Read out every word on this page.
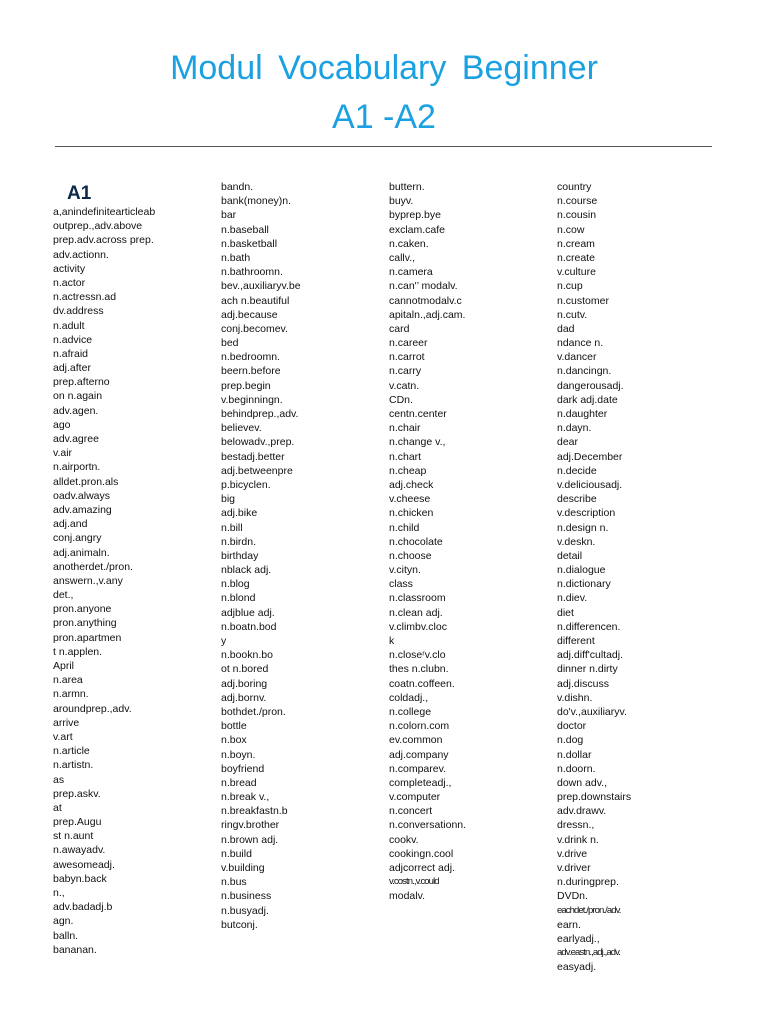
Modul Vocabulary Beginner
A1 -A2
A1
a,anindefinitearticleab
outprep.,adv.above
prep.adv.across prep.
adv.actionn.
activity
n.actor
n.actressn.ad
dv.address
n.adult
n.advice
n.afraid
adj.after
prep.afterno
on n.again
adv.agen.
ago
adv.agree
v.air
n.airportn.
alldet.pron.als
oadv.always
adv.amazing
adj.and
conj.angry
adj.animaln.
anotherdet./pron.
answern.,v.any
det.,
pron.anyone
pron.anything
pron.apartmen
t n.applen.
April
n.area
n.armn.
aroundprep.,adv.
arrive
v.art
n.article
n.artistn.
as
prep.askv.
at
prep.Augu
st n.aunt
n.awayadv.
awesomeadj.
babyn.back
n.,
adv.badadj.b
agn.
balln.
bananan.
bandn.
bank(money)n.
bar
n.baseball
n.basketball
n.bath
n.bathroomn.
bev.,auxiliaryv.be
ach n.beautiful
adj.because
conj.becomev.
bed
n.bedroomn.
beern.before
prep.begin
v.beginningn.
behindprep.,adv.
believev.
belowadv.,prep.
bestadj.better
adj.betweenpre
p.bicyclen.
big
adj.bike
n.bill
n.birdn.
birthday
nblack adj.
n.blog
n.blond
adjblue adj.
n.boatn.bod
y
n.bookn.bo
ot n.bored
adj.boring
adj.bornv.
bothdet./pron.
bottle
n.box
n.boyn.
boyfriend
n.bread
n.break v.,
n.breakfastn.b
ringv.brother
n.brown adj.
n.build
v.building
n.bus
n.business
n.busyadj.
butconj.
buttern.
buyv.
byprep.bye
exclam.cafe
n.caken.
callv.,
n.camera
n.can'’ modalv.
cannotmodalv.c
apitaln.,adj.cam.
card
n.career
n.carrot
n.carry
v.catn.
CDn.
centn.center
n.chair
n.change v.,
n.chart
n.cheap
adj.check
v.cheese
n.chicken
n.child
n.chocolate
n.choose
v.cityn.
class
n.classroom
n.clean adj.
v.climbv.cloc
k
n.closeʳv.clo
thes n.clubn.
coatn.coffeen.
coldadj.,
n.college
n.colorn.com
ev.common
adj.company
n.comparev.
completeadj.,
v.computer
n.concert
n.conversationn.
cookv.
cookingn.cool
adjcorrect adj.
v.costn.,v.could
modalv.
country
n.course
n.cousin
n.cow
n.cream
n.create
v.culture
n.cup
n.customer
n.cutv.
dad
ndance n.
v.dancer
n.dancingn.
dangerousadj.
dark adj.date
n.daughter
n.dayn.
dear
adj.December
n.decide
v.deliciousadj.
describe
v.description
n.design n.
v.deskn.
detail
n.dialogue
n.dictionary
n.diev.
diet
n.differencen.
different
adj.diff'cultadj.
dinner n.dirty
adj.discuss
v.dishn.
do'v.,auxiliaryv.
doctor
n.dog
n.dollar
n.doorn.
down adv.,
prep.downstairs
adv.drawv.
dressn.,
v.drink n.
v.drive
v.driver
n.duringprep.
DVDn.
eachdet./pron./adv.
earn.
earlyadj.,
adv.eastn.,adj.,adv.
easyadj.
